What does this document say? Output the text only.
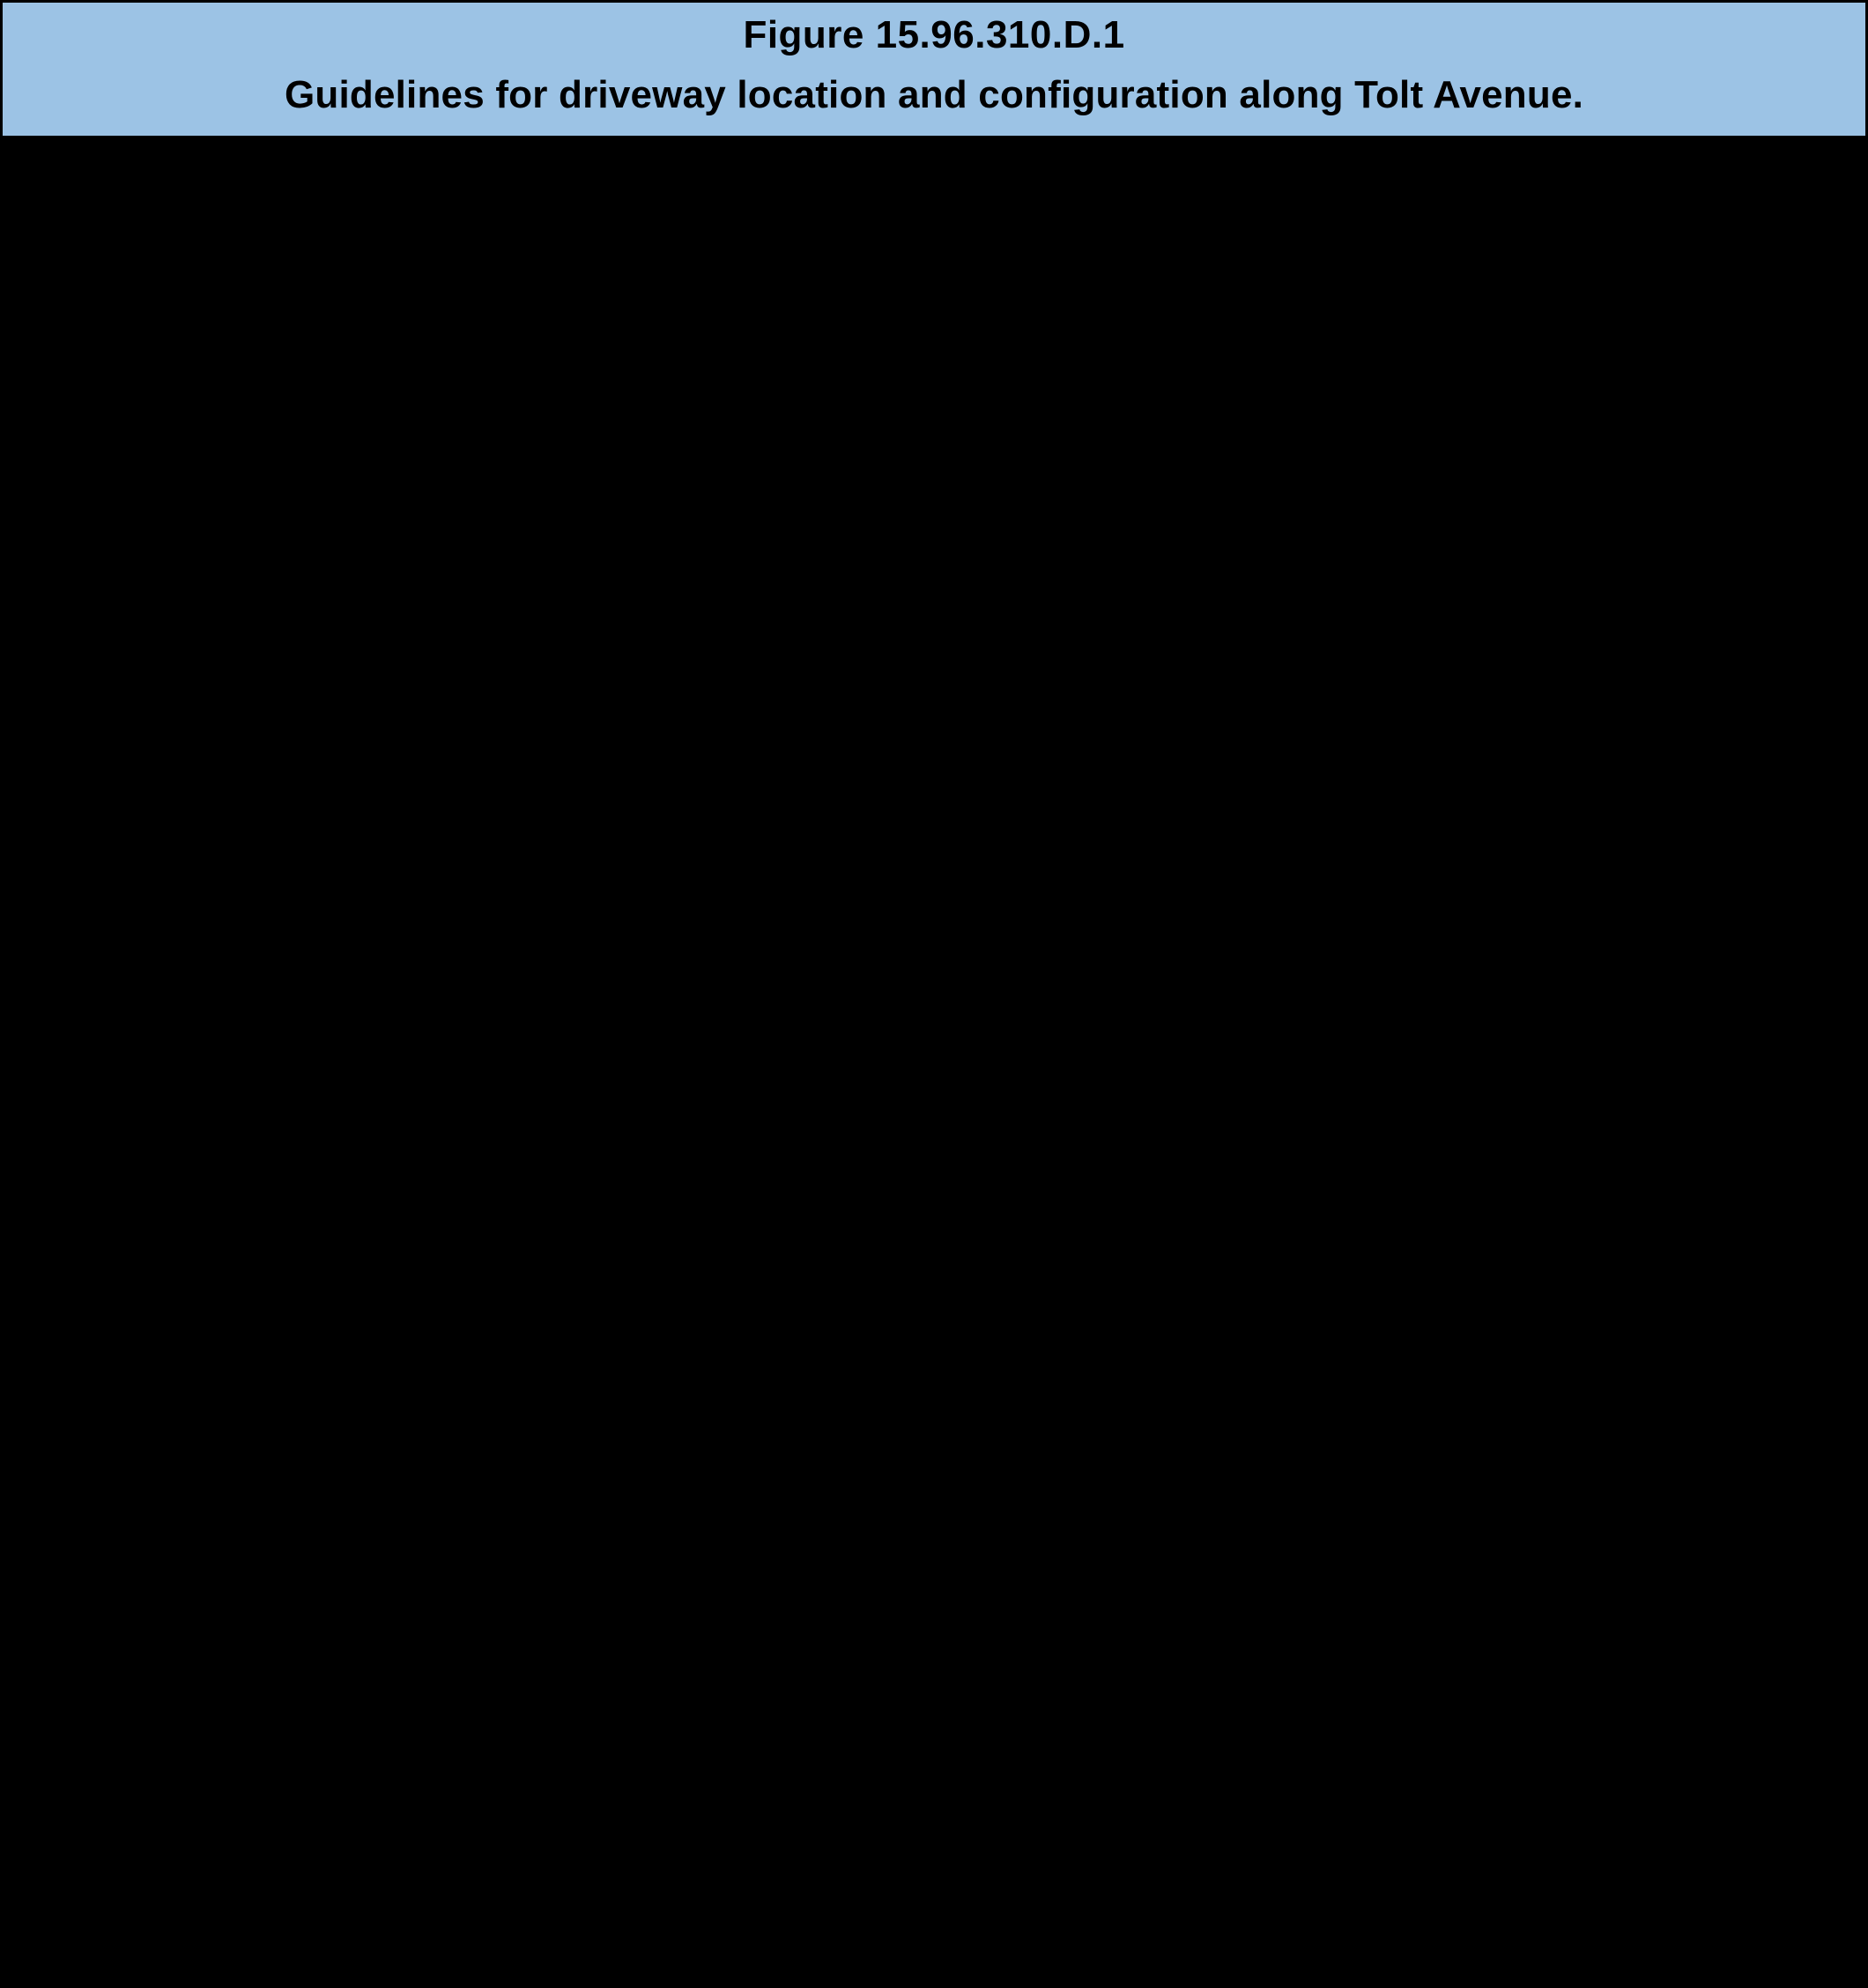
Figure 15.96.310.D.1
Guidelines for driveway location and configuration along Tolt Avenue.
